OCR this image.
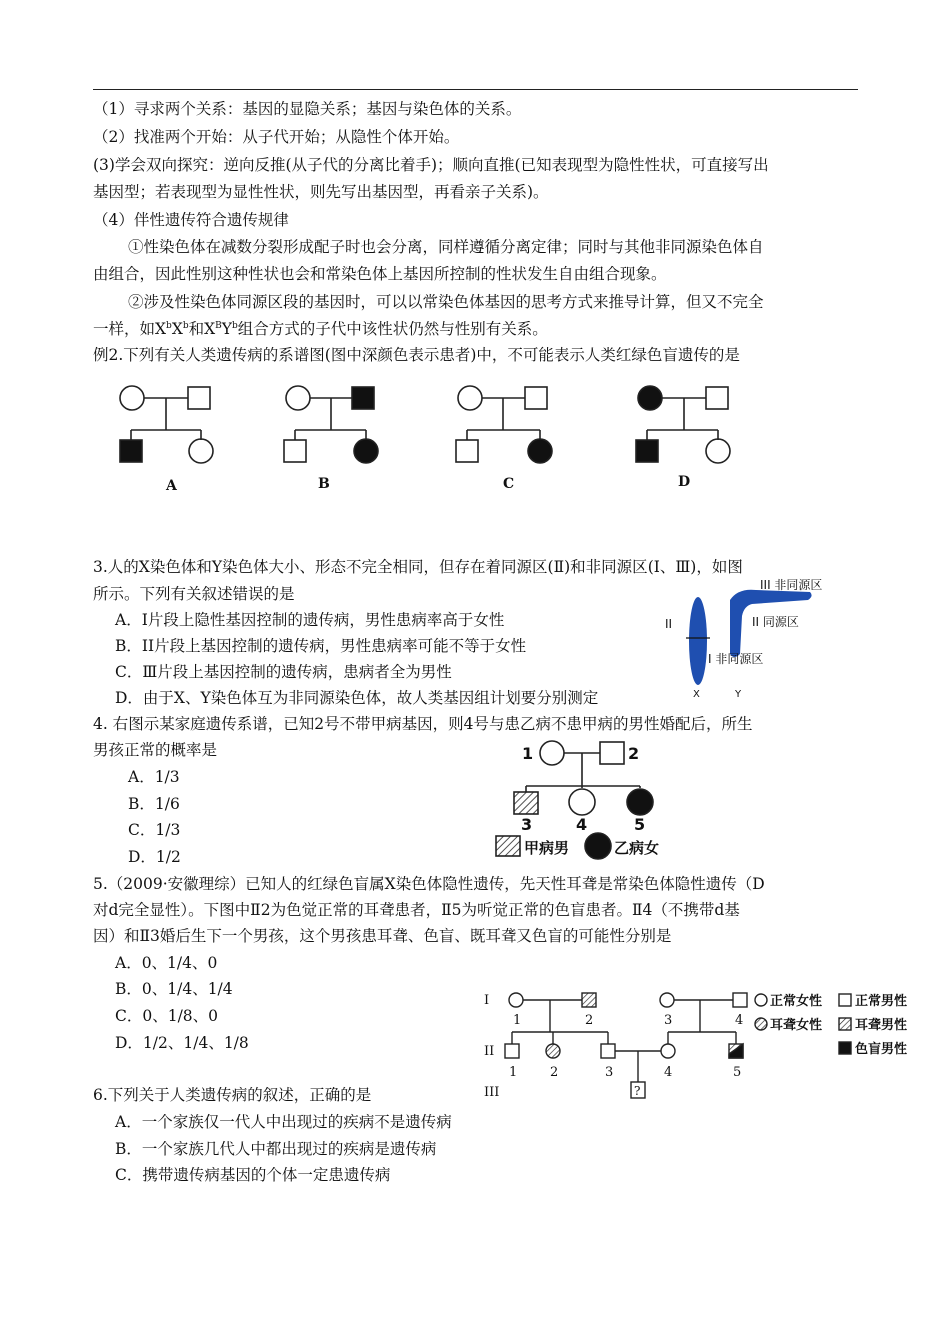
（1）寻求两个关系：基因的显隐关系；基因与染色体的关系。
（2）找准两个开始：从子代开始；从隐性个体开始。
(3)学会双向探究：逆向反推(从子代的分离比着手)；顺向直推(已知表现型为隐性性状，可直接写出
基因型；若表现型为显性性状，则先写出基因型，再看亲子关系)。
（4）伴性遗传符合遗传规律
①性染色体在减数分裂形成配子时也会分离，同样遵循分离定律；同时与其他非同源染色体自
由组合，因此性别这种性状也会和常染色体上基因所控制的性状发生自由组合现象。
②涉及性染色体同源区段的基因时，可以以常染色体基因的思考方式来推导计算，但又不完全
一样，如$X^bX^b$和$X^BY^b$组合方式的子代中该性状仍然与性别有关系。
例2.下列有关人类遗传病的系谱图(图中深颜色表示患者)中，不可能表示人类红绿色盲遗传的是
A	B	C	D
3.人的X染色体和Y染色体大小、形态不完全相同，但存在着同源区(Ⅱ)和非同源区(Ⅰ、Ⅲ)，如图
所示。下列有关叙述错误的是
A．Ⅰ片段上隐性基因控制的遗传病，男性患病率高于女性
B．II片段上基因控制的遗传病，男性患病率可能不等于女性
C．Ⅲ片段上基因控制的遗传病，患病者全为男性
D．由于X、Y染色体互为非同源染色体，故人类基因组计划要分别测定
III 非同源区
II	II 同源区
I 非同源区
X	Y
4. 右图示某家庭遗传系谱，已知2号不带甲病基因，则4号与患乙病不患甲病的男性婚配后，所生
男孩正常的概率是
A．1/3
B．1/6
C．1/3
D．1/2
1	2
3	4	5
甲病男	乙病女
5.（2009·安徽理综）已知人的红绿色盲属X染色体隐性遗传，先天性耳聋是常染色体隐性遗传（D
对d完全显性）。下图中Ⅱ2为色觉正常的耳聋患者，Ⅱ5为听觉正常的色盲患者。Ⅱ4（不携带d基
因）和Ⅱ3婚后生下一个男孩，这个男孩患耳聋、色盲、既耳聋又色盲的可能性分别是
A．0、1/4、0
B．0、1/4、1/4
C．0、1/8、0
D．1/2、1/4、1/8
I
II
III
1	2	3	4
1	2	3	4	5
?
正常女性	正常男性
耳聋女性	耳聋男性
色盲男性
6.下列关于人类遗传病的叙述，正确的是
A．一个家族仅一代人中出现过的疾病不是遗传病
B．一个家族几代人中都出现过的疾病是遗传病
C．携带遗传病基因的个体一定患遗传病
